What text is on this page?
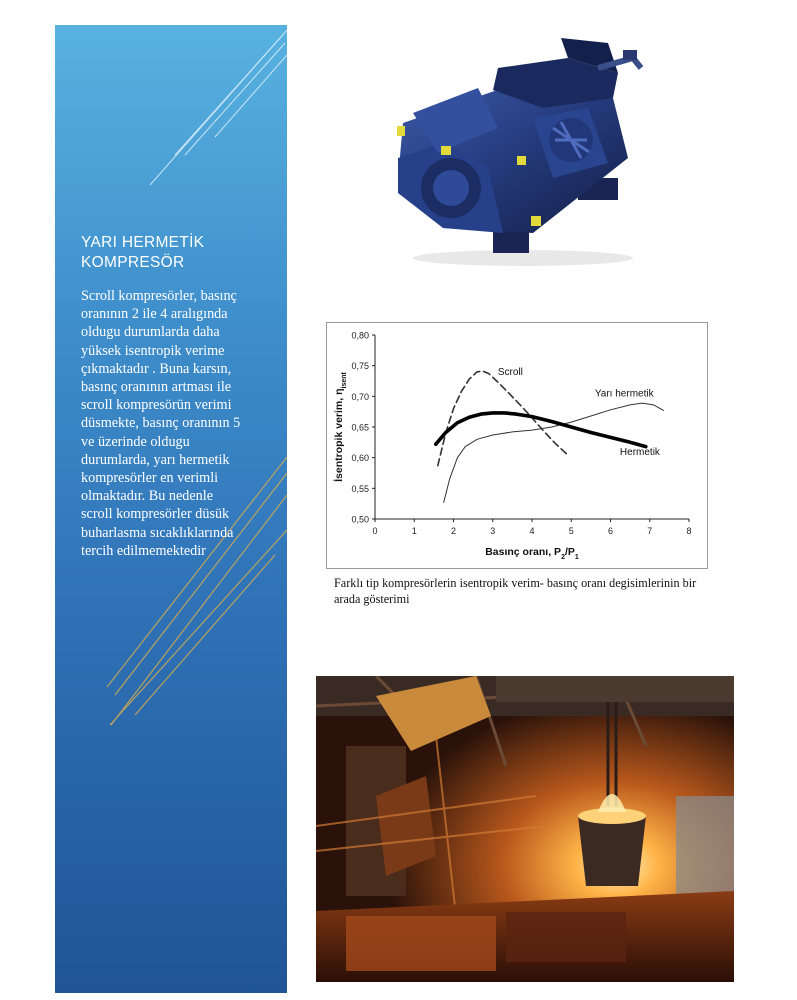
YARI HERMETİK
KOMPRESÖR
Scroll kompresörler, basınç
oranının 2 ile 4 aralıgında
oldugu durumlarda daha
yüksek isentropik verime
çıkmaktadır . Buna karsın,
basınç oranının artması ile
scroll kompresörün verimi
düsmekte, basınç oranının 5
ve üzerinde oldugu
durumlarda, yarı hermetik
kompresörler en verimli
olmaktadır. Bu nedenle
scroll kompresörler düsük
buharlasma sıcaklıklarında
tercih edilmemektedir
0,50
0,55
0,60
0,65
0,70
0,75
0,80
0	1	2	3	4	5	6	7	8
Basınç oranı, $P_2/P_1$
İsentropik verim, $\eta_{isent}$	Scroll
Yarı hermetik
Hermetik
Farklı tip kompresörlerin isentropik verim- basınç oranı degisimlerinin bir arada gösterimi
